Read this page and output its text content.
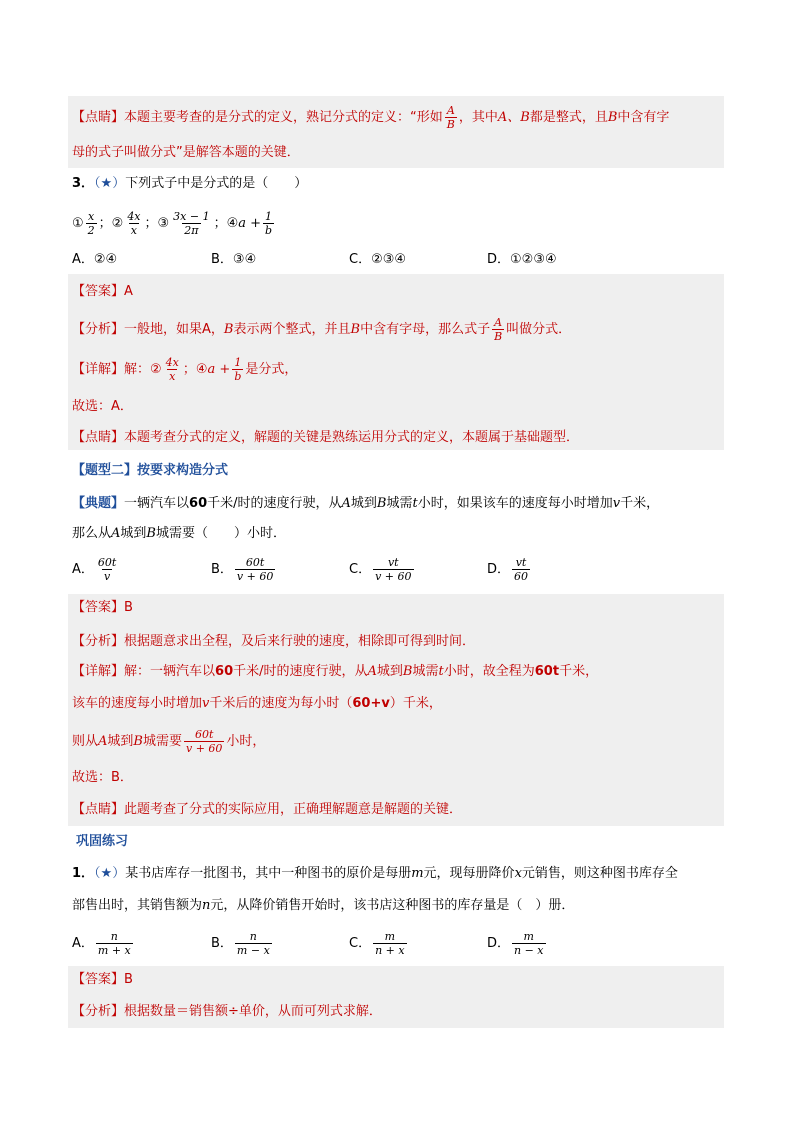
【点睛】本题主要考查的是分式的定义，熟记分式的定义：“形如 $\frac{A}{B}$ ，其中A、B都是整式，且B中含有字
母的式子叫做分式”是解答本题的关键．
3．（★）下列式子中是分式的是（　　）
① $\frac{x}{2}$ ；② $\frac{4x}{x}$ ；③ $\frac{3x - 1}{2\pi}$ ；④a + $\frac{1}{b}$
A．②④	B．③④	C．②③④	D．①②③④
【答案】A
【分析】一般地，如果A，B表示两个整式，并且B中含有字母，那么式子 $\frac{A}{B}$ 叫做分式．
【详解】解：② $\frac{4x}{x}$ ；④a + $\frac{1}{b}$ 是分式，
故选：A．
【点睛】本题考查分式的定义，解题的关键是熟练运用分式的定义，本题属于基础题型．
【题型二】按要求构造分式
【典题】一辆汽车以60千米/时的速度行驶，从A城到B城需t小时，如果该车的速度每小时增加v千米，
那么从A城到B城需要（　　）小时．
A． $\frac{60t}{v}$	B． $\frac{60t}{v + 60}$	C． $\frac{vt}{v + 60}$	D． $\frac{vt}{60}$
【答案】B
【分析】根据题意求出全程，及后来行驶的速度，相除即可得到时间．
【详解】解：一辆汽车以60千米/时的速度行驶，从A城到B城需t小时，故全程为60t千米，
该车的速度每小时增加v千米后的速度为每小时（60+v）千米，
则从A城到B城需要 $\frac{60t}{v + 60}$ 小时，
故选：B．
【点睛】此题考查了分式的实际应用，正确理解题意是解题的关键．
巩固练习
1．（★）某书店库存一批图书，其中一种图书的原价是每册m元，现每册降价x元销售，则这种图书库存全
部售出时，其销售额为n元，从降价销售开始时，该书店这种图书的库存量是（　）册．
A． $\frac{n}{m + x}$	B． $\frac{n}{m - x}$	C． $\frac{m}{n + x}$	D． $\frac{m}{n - x}$
【答案】B
【分析】根据数量＝销售额÷单价，从而可列式求解．
